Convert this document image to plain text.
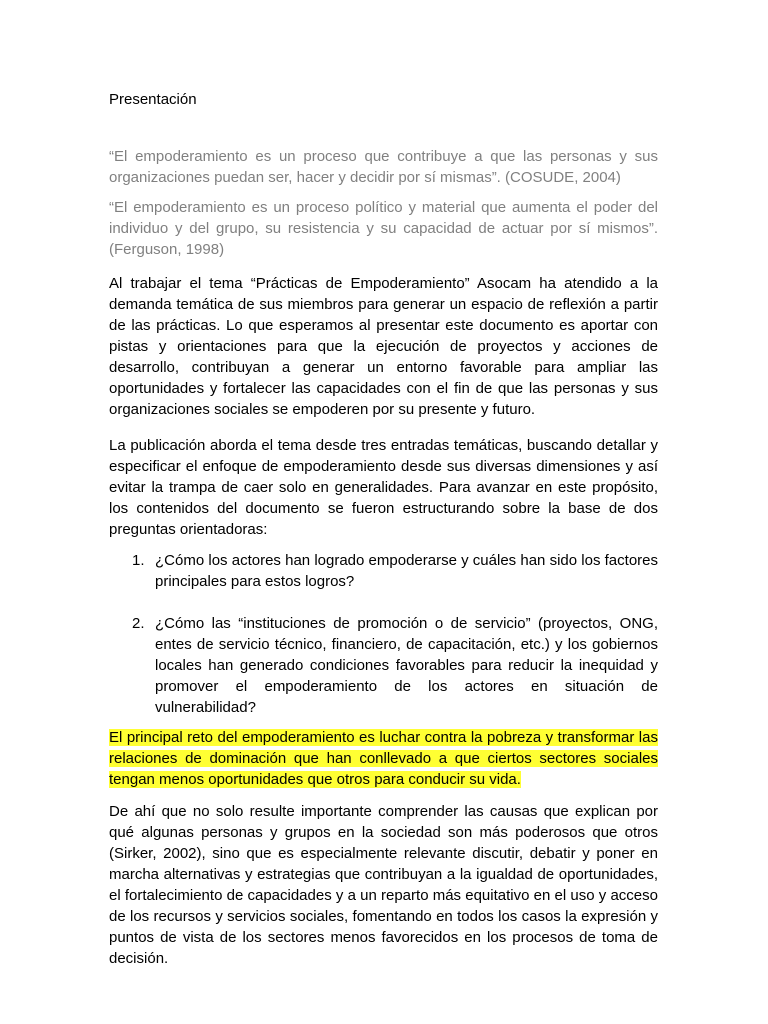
Presentación
“El empoderamiento es un proceso que contribuye a que las personas y sus organizaciones puedan ser, hacer y decidir por sí mismas”. (COSUDE, 2004)
“El empoderamiento es un proceso político y material que aumenta el poder del individuo y del grupo, su resistencia y su capacidad de actuar por sí mismos”. (Ferguson, 1998)
Al trabajar el tema “Prácticas de Empoderamiento” Asocam ha atendido a la demanda temática de sus miembros para generar un espacio de reflexión a partir de las prácticas. Lo que esperamos al presentar este documento es aportar con pistas y orientaciones para que la ejecución de proyectos y acciones de desarrollo, contribuyan a generar un entorno favorable para ampliar las oportunidades y fortalecer las capacidades con el fin de que las personas y sus organizaciones sociales se empoderen por su presente y futuro.
La publicación aborda el tema desde tres entradas temáticas, buscando detallar y especificar el enfoque de empoderamiento desde sus diversas dimensiones y así evitar la trampa de caer solo en generalidades. Para avanzar en este propósito, los contenidos del documento se fueron estructurando sobre la base de dos preguntas orientadoras:
1. ¿Cómo los actores han logrado empoderarse y cuáles han sido los factores principales para estos logros?
2. ¿Cómo las “instituciones de promoción o de servicio” (proyectos, ONG, entes de servicio técnico, financiero, de capacitación, etc.) y los gobiernos locales han generado condiciones favorables para reducir la inequidad y promover el empoderamiento de los actores en situación de vulnerabilidad?
El principal reto del empoderamiento es luchar contra la pobreza y transformar las relaciones de dominación que han conllevado a que ciertos sectores sociales tengan menos oportunidades que otros para conducir su vida.
De ahí que no solo resulte importante comprender las causas que explican por qué algunas personas y grupos en la sociedad son más poderosos que otros (Sirker, 2002), sino que es especialmente relevante discutir, debatir y poner en marcha alternativas y estrategias que contribuyan a la igualdad de oportunidades, el fortalecimiento de capacidades y a un reparto más equitativo en el uso y acceso de los recursos y servicios sociales, fomentando en todos los casos la expresión y puntos de vista de los sectores menos favorecidos en los procesos de toma de decisión.
